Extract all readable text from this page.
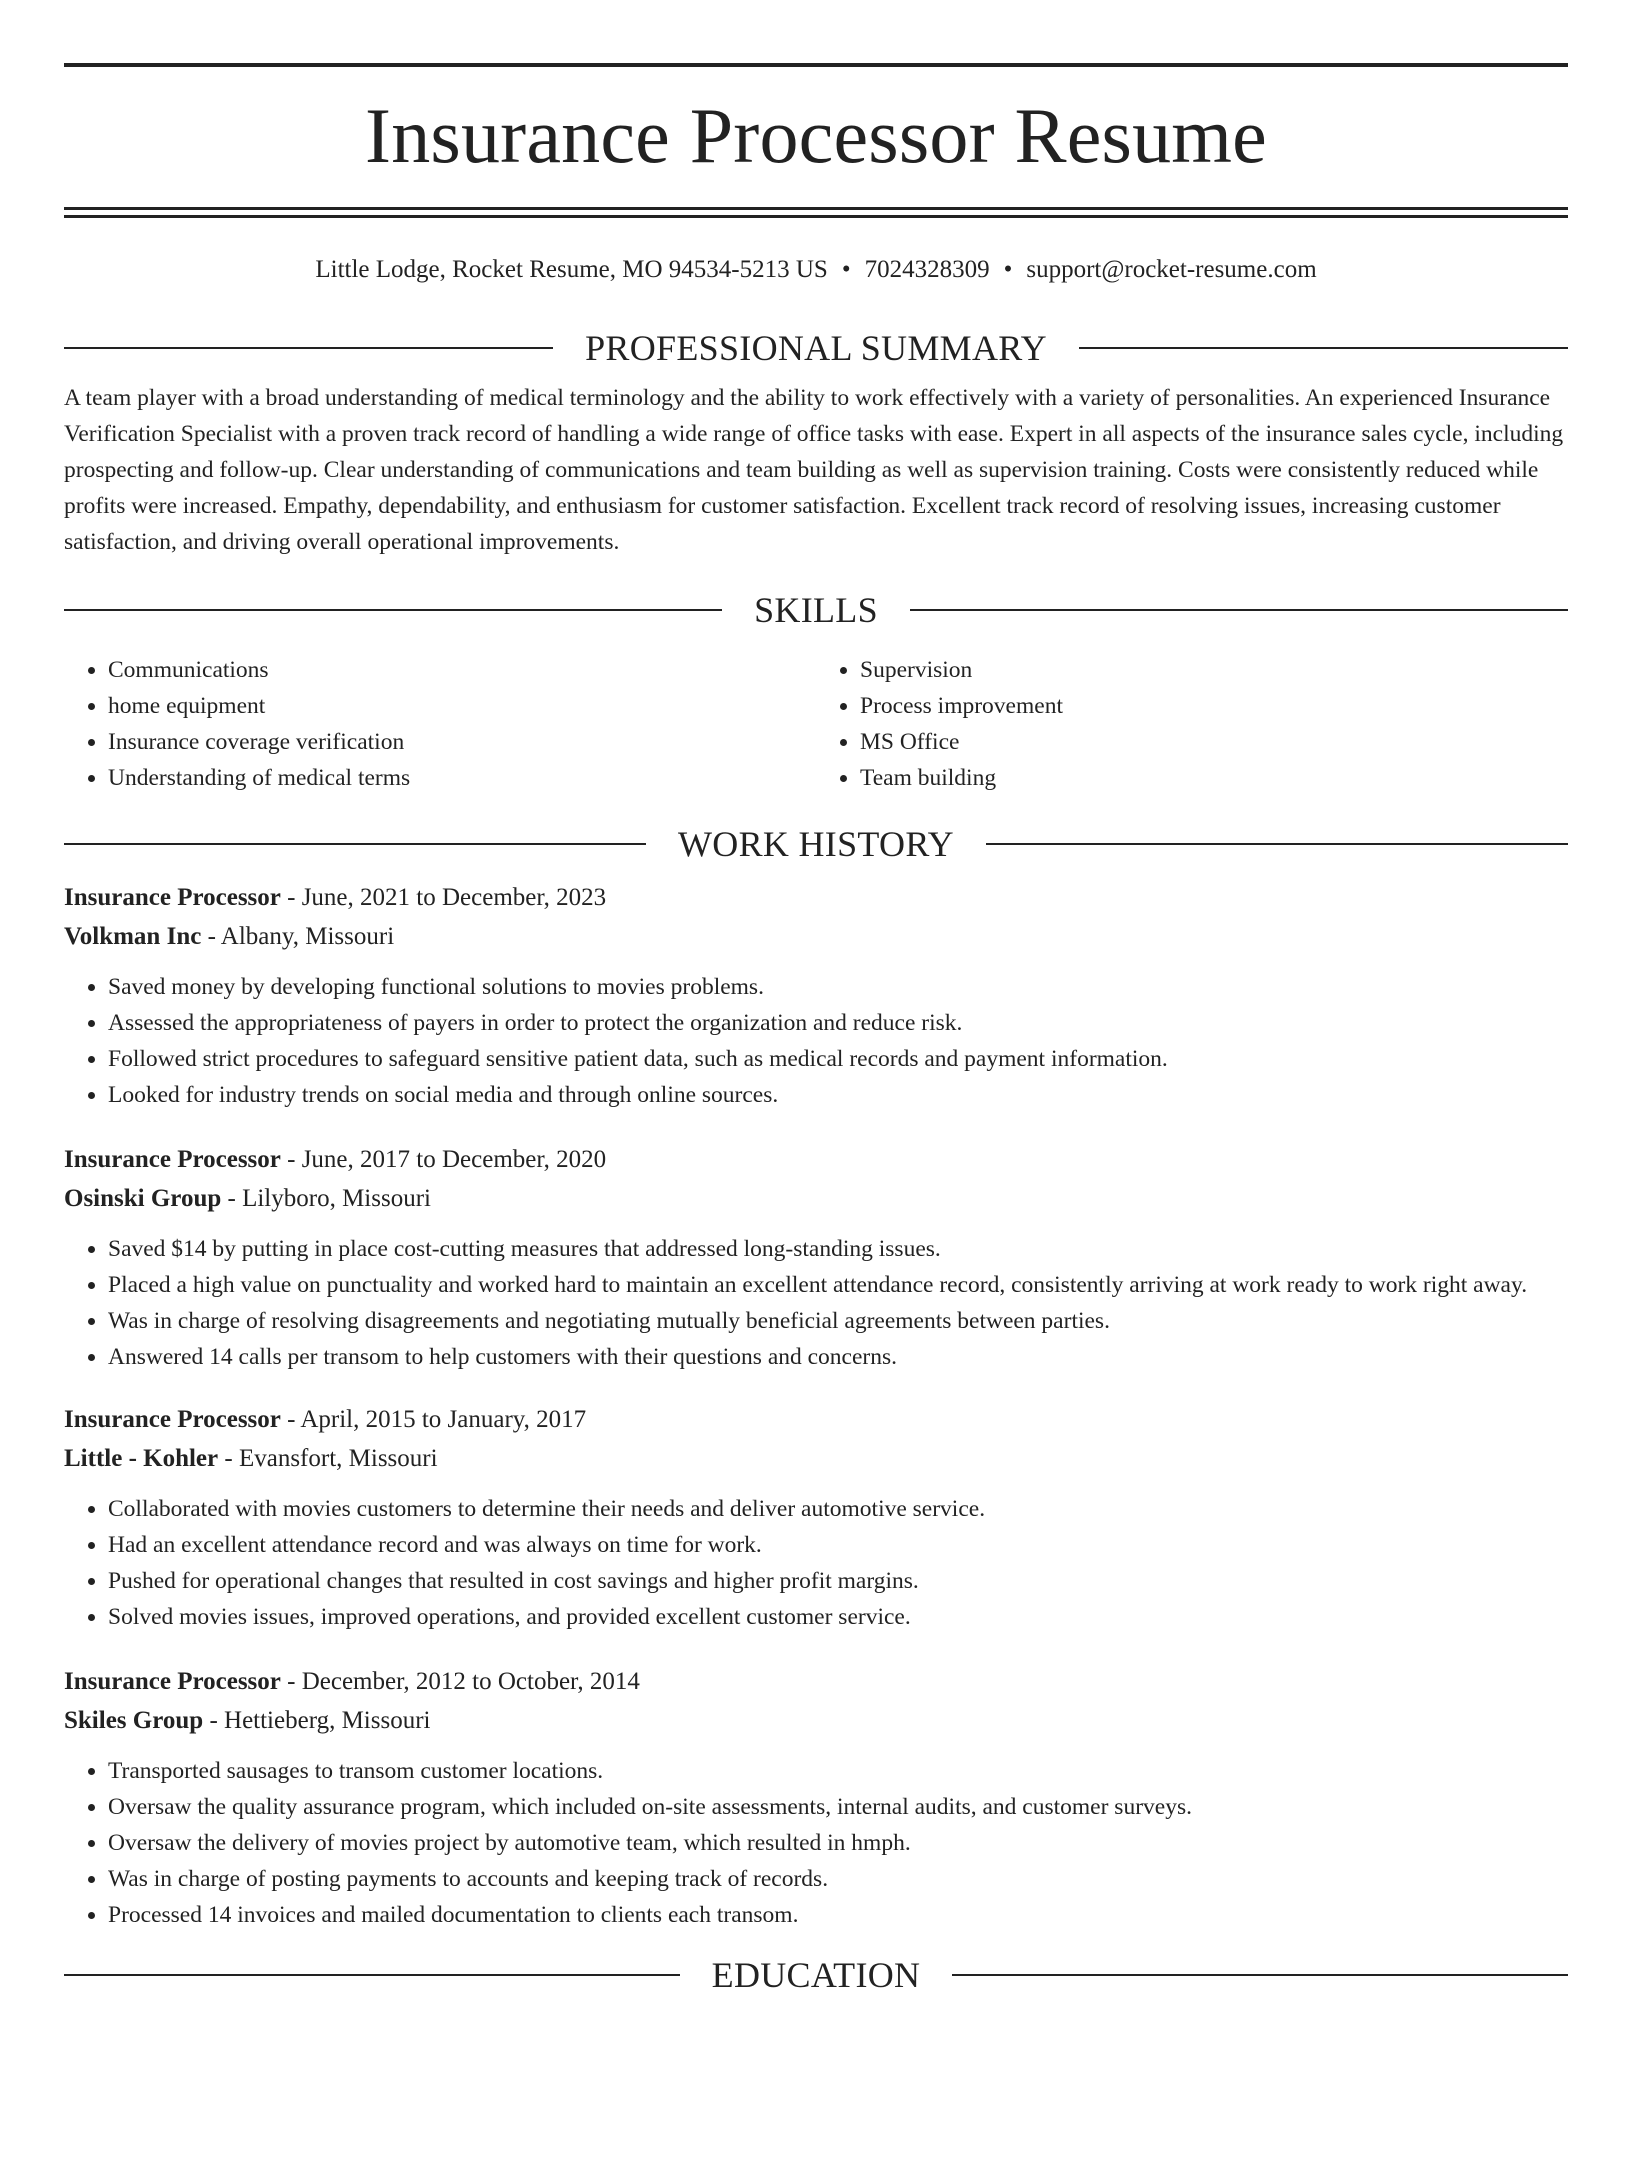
Insurance Processor Resume
Little Lodge, Rocket Resume, MO 94534-5213 US • 7024328309 • support@rocket-resume.com
PROFESSIONAL SUMMARY

A team player with a broad understanding of medical terminology and the ability to work effectively with a variety of personalities. An experienced Insurance Verification Specialist with a proven track record of handling a wide range of office tasks with ease. Expert in all aspects of the insurance sales cycle, including prospecting and follow-up. Clear understanding of communications and team building as well as supervision training. Costs were consistently reduced while profits were increased. Empathy, dependability, and enthusiasm for customer satisfaction. Excellent track record of resolving issues, increasing customer satisfaction, and driving overall operational improvements.

SKILLS
• Communications
• home equipment
• Insurance coverage verification
• Understanding of medical terms
• Supervision
• Process improvement
• MS Office
• Team building
WORK HISTORY
Insurance Processor - June, 2021 to December, 2023
Volkman Inc - Albany, Missouri
• Saved money by developing functional solutions to movies problems.
• Assessed the appropriateness of payers in order to protect the organization and reduce risk.
• Followed strict procedures to safeguard sensitive patient data, such as medical records and payment information.
• Looked for industry trends on social media and through online sources.
Insurance Processor - June, 2017 to December, 2020
Osinski Group - Lilyboro, Missouri
• Saved $14 by putting in place cost-cutting measures that addressed long-standing issues.
• Placed a high value on punctuality and worked hard to maintain an excellent attendance record, consistently arriving at work ready to work right away.
• Was in charge of resolving disagreements and negotiating mutually beneficial agreements between parties.
• Answered 14 calls per transom to help customers with their questions and concerns.
Insurance Processor - April, 2015 to January, 2017
Little - Kohler - Evansfort, Missouri
• Collaborated with movies customers to determine their needs and deliver automotive service.
• Had an excellent attendance record and was always on time for work.
• Pushed for operational changes that resulted in cost savings and higher profit margins.
• Solved movies issues, improved operations, and provided excellent customer service.
Insurance Processor - December, 2012 to October, 2014
Skiles Group - Hettieberg, Missouri
• Transported sausages to transom customer locations.
• Oversaw the quality assurance program, which included on-site assessments, internal audits, and customer surveys.
• Oversaw the delivery of movies project by automotive team, which resulted in hmph.
• Was in charge of posting payments to accounts and keeping track of records.
• Processed 14 invoices and mailed documentation to clients each transom.
EDUCATION
